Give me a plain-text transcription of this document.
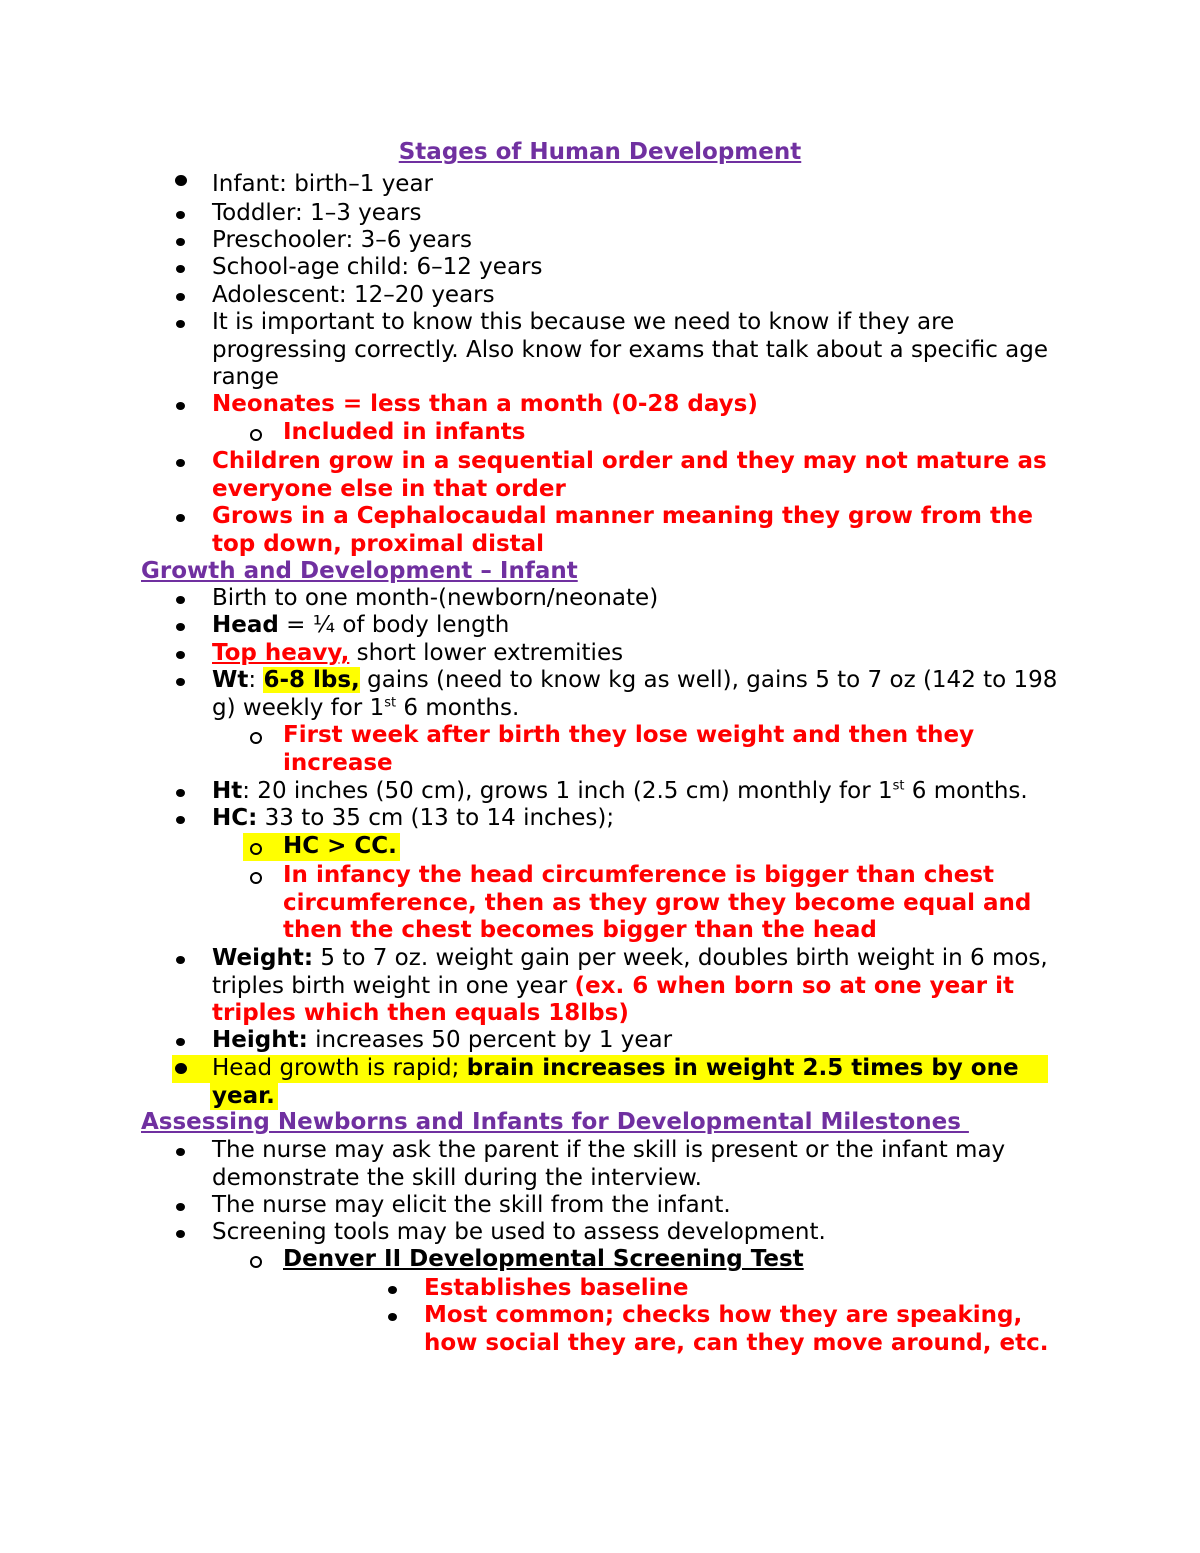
Stages of Human Development
Infant: birth–1 year
Toddler: 1–3 years
Preschooler: 3–6 years
School-age child: 6–12 years
Adolescent: 12–20 years
It is important to know this because we need to know if they are progressing correctly. Also know for exams that talk about a specific age range
Neonates = less than a month (0-28 days)
Included in infants
Children grow in a sequential order and they may not mature as everyone else in that order
Grows in a Cephalocaudal manner meaning they grow from the top down, proximal distal
Growth and Development – Infant
Birth to one month-(newborn/neonate)
Head = ¼ of body length
Top heavy, short lower extremities
Wt: 6-8 lbs, gains (need to know kg as well), gains 5 to 7 oz (142 to 198 g) weekly for 1st 6 months.
First week after birth they lose weight and then they increase
Ht: 20 inches (50 cm), grows 1 inch (2.5 cm) monthly for 1st 6 months.
HC: 33 to 35 cm (13 to 14 inches);
HC > CC.
In infancy the head circumference is bigger than chest circumference, then as they grow they become equal and then the chest becomes bigger than the head
Weight: 5 to 7 oz. weight gain per week, doubles birth weight in 6 mos, triples birth weight in one year (ex. 6 when born so at one year it triples which then equals 18lbs)
Height: increases 50 percent by 1 year
Head growth is rapid; brain increases in weight 2.5 times by one year.
Assessing Newborns and Infants for Developmental Milestones
The nurse may ask the parent if the skill is present or the infant may demonstrate the skill during the interview.
The nurse may elicit the skill from the infant.
Screening tools may be used to assess development.
Denver II Developmental Screening Test
Establishes baseline
Most common; checks how they are speaking, how social they are, can they move around, etc.
